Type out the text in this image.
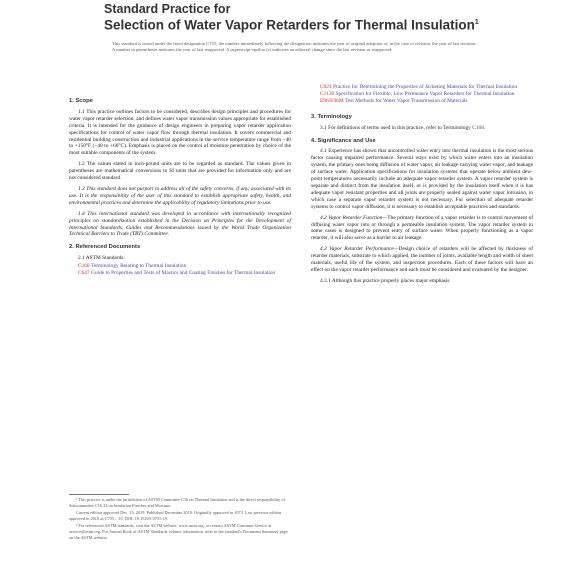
Standard Practice for
Selection of Water Vapor Retarders for Thermal Insulation$^1$
This standard is issued under the fixed designation C755; the number immediately following the designation indicates the year of original adoption or, in the case of revision, the year of last revision. A number in parentheses indicates the year of last reapproval. A superscript epsilon (ε) indicates an editorial change since the last revision or reapproval.
1. Scope

1.1 This practice outlines factors to be considered, describes design principles and procedures for water vapor retarder selection, and defines water vapor transmission values appropriate for established criteria. It is intended for the guidance of design engineers in preparing vapor retarder application specifications for control of water vapor flow through thermal insulation. It covers commercial and residential building construction and industrial applications in the service temperature range from −40 to +150°F (−40 to +66°C). Emphasis is placed on the control of moisture penetration by choice of the most suitable components of the system.

1.2 The values stated in inch-pound units are to be regarded as standard. The values given in parentheses are mathematical conversions to SI units that are provided for information only and are not considered standard.

1.3 This standard does not purport to address all of the safety concerns, if any, associated with its use. It is the responsibility of the user of this standard to establish appropriate safety, health, and environmental practices and determine the applicability of regulatory limitations prior to use.

1.4 This international standard was developed in accordance with internationally recognized principles on standardization established in the Decision on Principles for the Development of International Standards, Guides and Recommendations issued by the World Trade Organization Technical Barriers to Trade (TBT) Committee.

2. Referenced Documents

2.1 ASTM Standards:

C168 Terminology Relating to Thermal Insulation
C647 Guide to Properties and Tests of Mastics and Coating Finishes for Thermal Insulation
C921 Practice for Determining the Properties of Jacketing Materials for Thermal Insulation
C1136 Specification for Flexible, Low Permeance Vapor Retarders for Thermal Insulation
E96/E96M Test Methods for Water Vapor Transmission of Materials
3. Terminology

3.1 For definitions of terms used in this practice, refer to Terminology C168.

4. Significance and Use

4.1 Experience has shown that uncontrolled water entry into thermal insulation is the most serious factor causing impaired performance. Several ways exist by which water enters into an insulation system, the primary ones being diffusion of water vapor, air leakage carrying water vapor, and leakage of surface water. Application specifications for insulation systems that operate below ambient dew-point temperatures necessarily include an adequate vapor retarder system. A vapor retarder system is separate and distinct from the insulation itself, or is provided by the insulation itself when it is has adequate vapor resistant properties and all joints are properly sealed against water vapor intrusion, in which case a separate vapor retarder system is not necessary. For selection of adequate retarder systems to control vapor diffusion, it is necessary to establish acceptable practices and standards.

4.2 Vapor Retarder Function—The primary function of a vapor retarder is to control movement of diffusing water vapor into or through a permeable insulation system. The vapor retarder system in some cases is designed to prevent entry of surface water. When properly functioning as a vapor retarder, it will also serve as a barrier to air leakage.

4.3 Vapor Retarder Performance—Design choice of retarders will be affected by thickness of retarder materials, substrate to which applied, the number of joints, available length and width of sheet materials, useful life of the system, and inspection procedures. Each of these factors will have an effect on the vapor retarder performance and each must be considered and evaluated by the designer.

4.3.1 Although this practice properly places major emphasis

¹ This practice is under the jurisdiction of ASTM Committee C16 on Thermal Insulation and is the direct responsibility of Subcommittee C16.33 on Insulation Finishes and Moisture.

Current edition approved Dec. 15, 2019. Published December 2019. Originally approved in 1973. Last previous edition approved in 2010 as C755 – 10. DOI: 10.1520/C0755-19.

² For referenced ASTM standards, visit the ASTM website, www.astm.org, or contact ASTM Customer Service at service@astm.org. For Annual Book of ASTM Standards volume information, refer to the standard's Document Summary page on the ASTM website.
